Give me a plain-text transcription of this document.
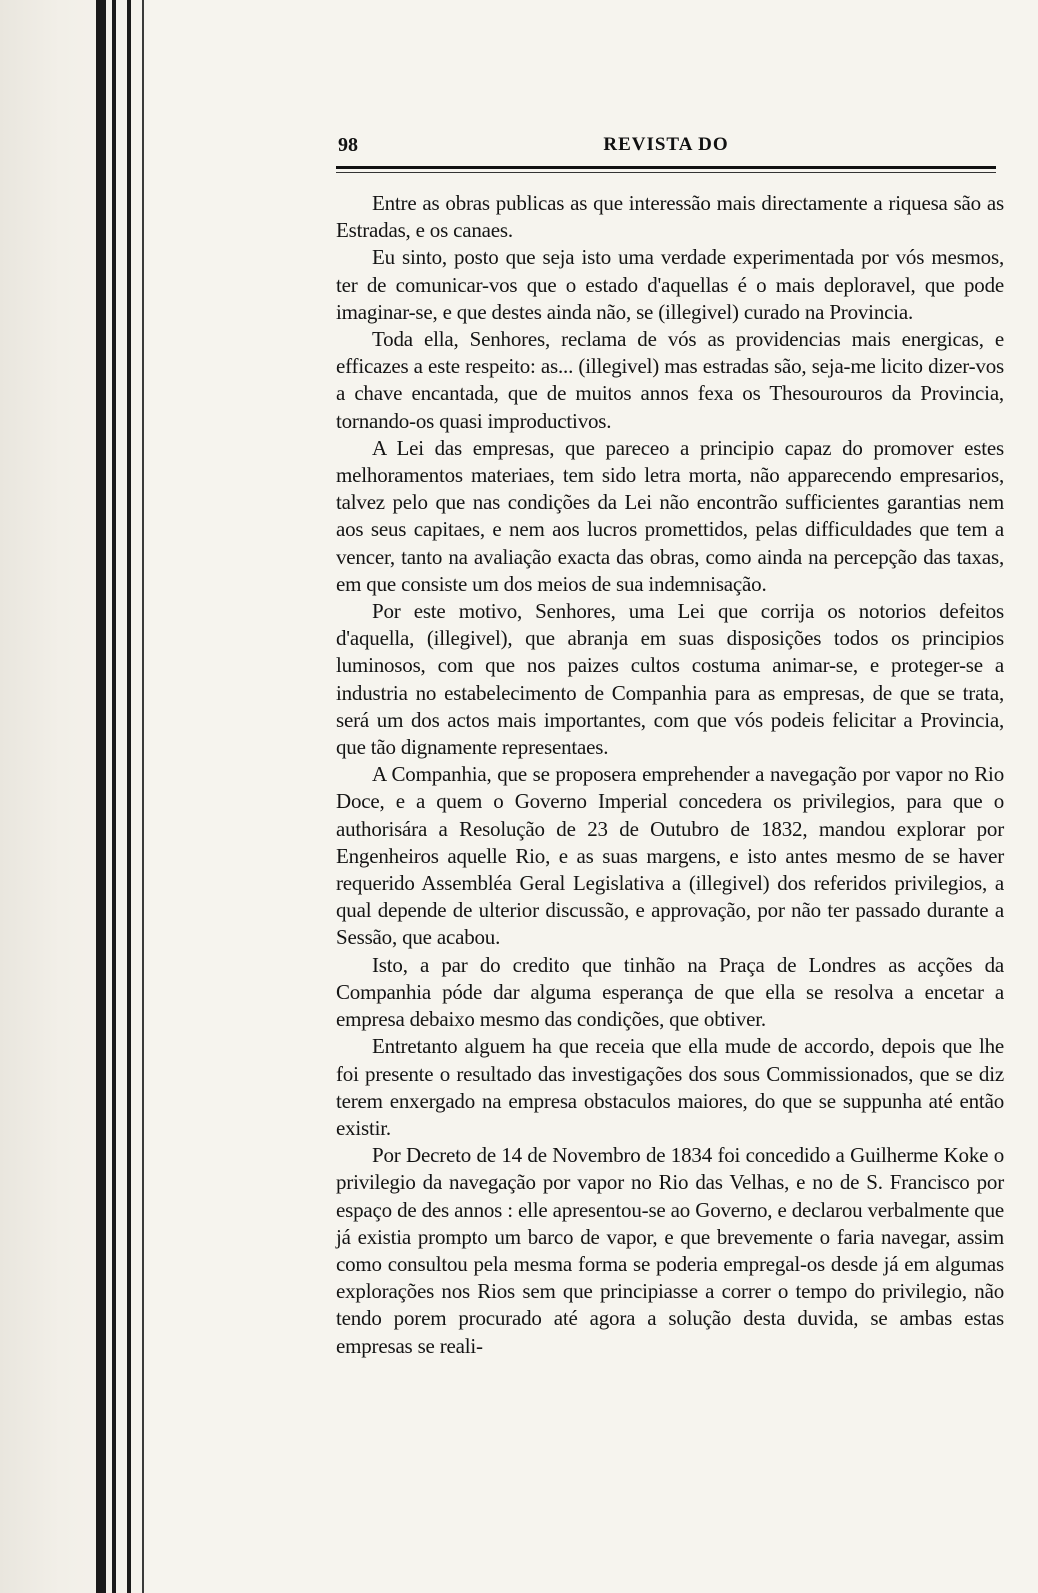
98	REVISTA DO

Entre as obras publicas as que interessão mais directamente a riquesa são as Estradas, e os canaes.

Eu sinto, posto que seja isto uma verdade experimentada por vós mesmos, ter de comunicar-vos que o estado d'aquellas é o mais deploravel, que pode imaginar-se, e que destes ainda não, se (illegivel) curado na Provincia.

Toda ella, Senhores, reclama de vós as providencias mais energicas, e efficazes a este respeito: as... (illegivel) mas estradas são, seja-me licito dizer-vos a chave encantada, que de muitos annos fexa os Thesourouros da Provincia, tornando-os quasi improductivos.

A Lei das empresas, que pareceo a principio capaz do promover estes melhoramentos materiaes, tem sido letra morta, não apparecendo empresarios, talvez pelo que nas condições da Lei não encontrão sufficientes garantias nem aos seus capitaes, e nem aos lucros promettidos, pelas difficuldades que tem a vencer, tanto na avaliação exacta das obras, como ainda na percepção das taxas, em que consiste um dos meios de sua indemnisação.

Por este motivo, Senhores, uma Lei que corrija os notorios defeitos d'aquella, (illegivel), que abranja em suas disposições todos os principios luminosos, com que nos paizes cultos costuma animar-se, e proteger-se a industria no estabelecimento de Companhia para as empresas, de que se trata, será um dos actos mais importantes, com que vós podeis felicitar a Provincia, que tão dignamente representaes.

A Companhia, que se proposera emprehender a navegação por vapor no Rio Doce, e a quem o Governo Imperial concedera os privilegios, para que o authorisára a Resolução de 23 de Outubro de 1832, mandou explorar por Engenheiros aquelle Rio, e as suas margens, e isto antes mesmo de se haver requerido Assembléa Geral Legislativa a (illegivel) dos referidos privilegios, a qual depende de ulterior discussão, e approvação, por não ter passado durante a Sessão, que acabou.

Isto, a par do credito que tinhão na Praça de Londres as acções da Companhia póde dar alguma esperança de que ella se resolva a encetar a empresa debaixo mesmo das condições, que obtiver.

Entretanto alguem ha que receia que ella mude de accordo, depois que lhe foi presente o resultado das investigações dos sous Commissionados, que se diz terem enxergado na empresa obstaculos maiores, do que se suppunha até então existir.

Por Decreto de 14 de Novembro de 1834 foi concedido a Guilherme Koke o privilegio da navegação por vapor no Rio das Velhas, e no de S. Francisco por espaço de des annos : elle apresentou-se ao Governo, e declarou verbalmente que já existia prompto um barco de vapor, e que brevemente o faria navegar, assim como consultou pela mesma forma se poderia empregal-os desde já em algumas explorações nos Rios sem que principiasse a correr o tempo do privilegio, não tendo porem procurado até agora a solução desta duvida, se ambas estas empresas se reali-
